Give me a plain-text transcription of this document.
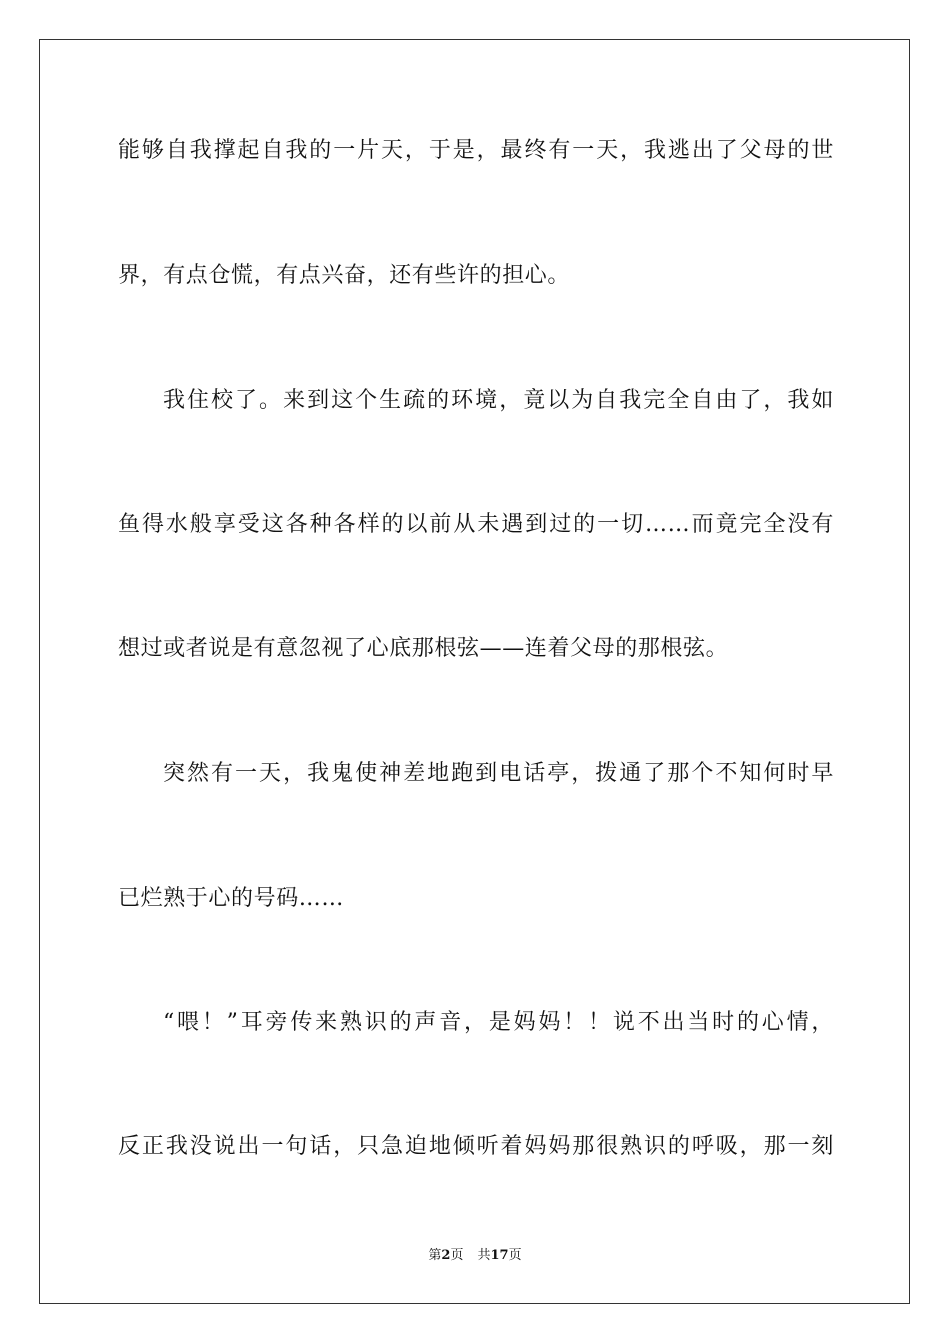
能够自我撑起自我的一片天，于是，最终有一天，我逃出了父母的世
界，有点仓慌，有点兴奋，还有些许的担心。
我住校了。来到这个生疏的环境，竟以为自我完全自由了，我如
鱼得水般享受这各种各样的以前从未遇到过的一切……而竟完全没有
想过或者说是有意忽视了心底那根弦——连着父母的那根弦。
突然有一天，我鬼使神差地跑到电话亭，拨通了那个不知何时早
已烂熟于心的号码……
“喂！”耳旁传来熟识的声音，是妈妈！！说不出当时的心情，
反正我没说出一句话，只急迫地倾听着妈妈那很熟识的呼吸，那一刻
第2页 共17页
